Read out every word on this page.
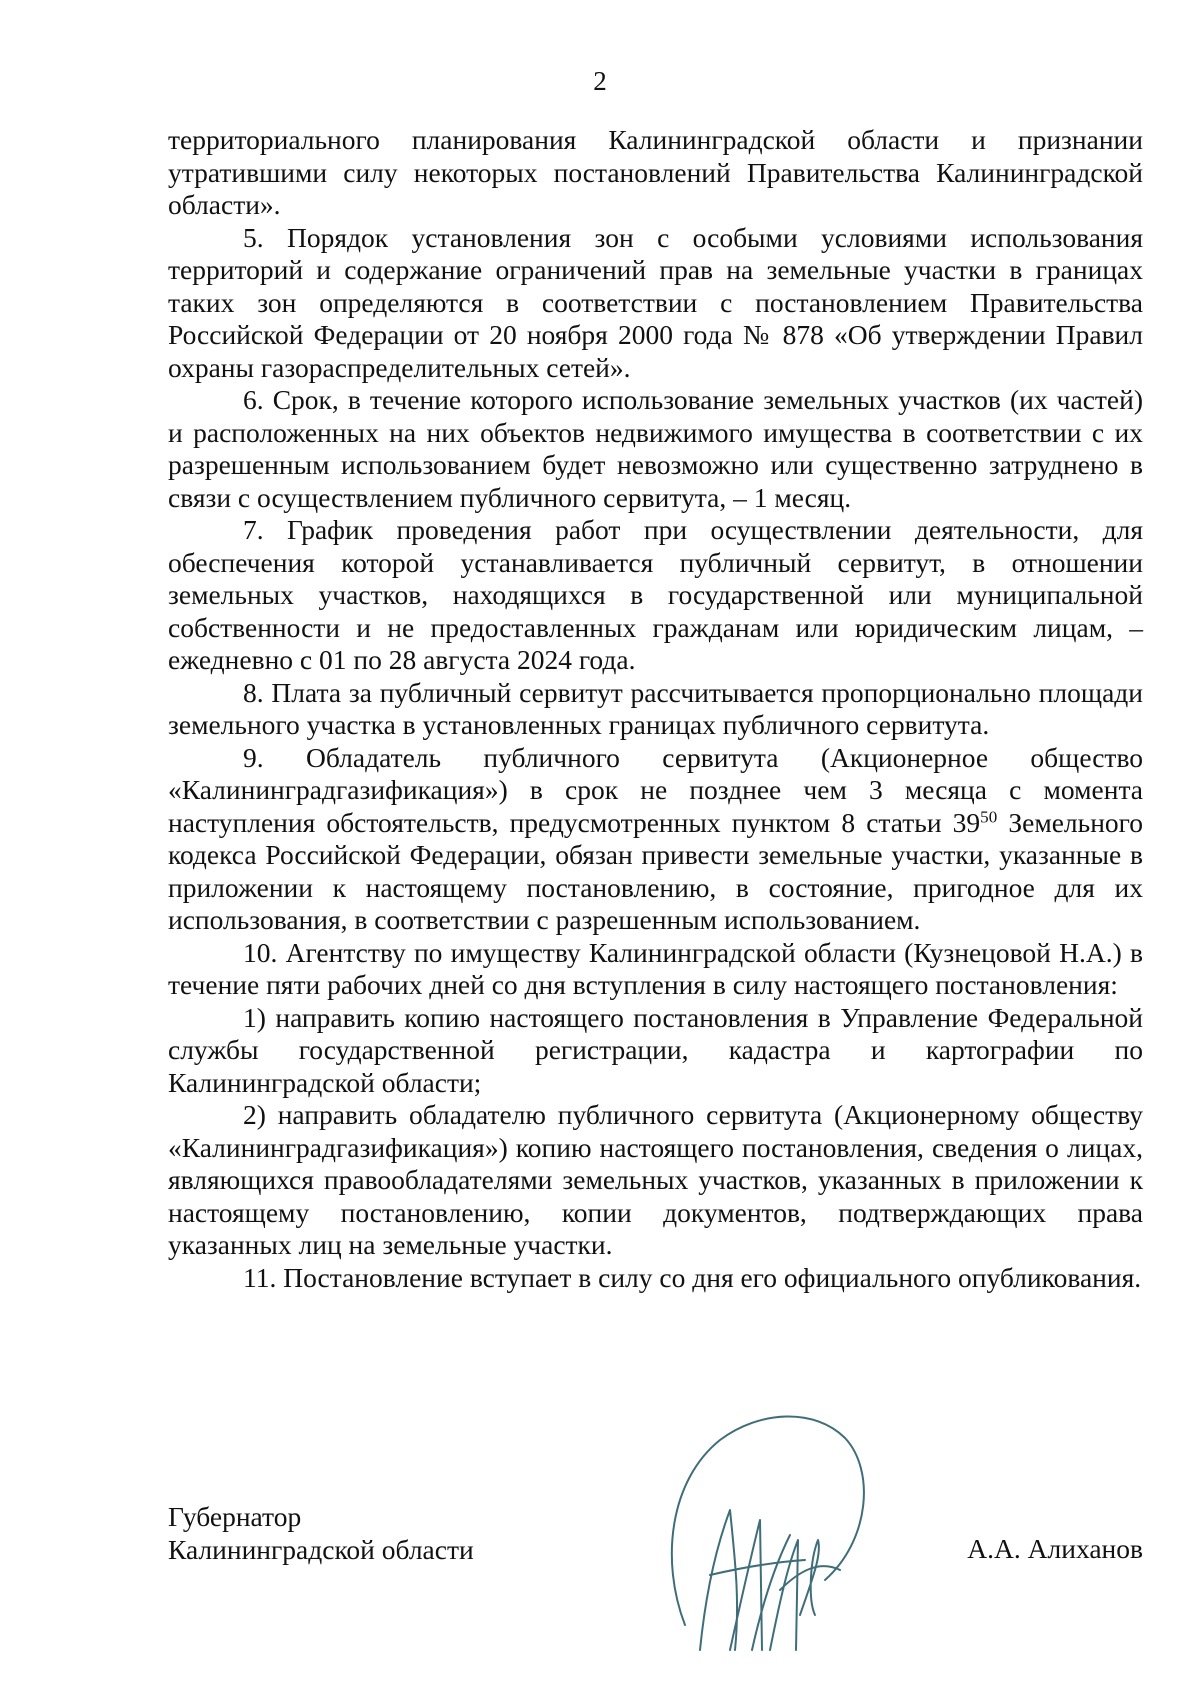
2

территориального планирования Калининградской области и признании утратившими силу некоторых постановлений Правительства Калининградской области».

5. Порядок установления зон с особыми условиями использования территорий и содержание ограничений прав на земельные участки в границах таких зон определяются в соответствии с постановлением Правительства Российской Федерации от 20 ноября 2000 года № 878 «Об утверждении Правил охраны газораспределительных сетей».

6. Срок, в течение которого использование земельных участков (их частей) и расположенных на них объектов недвижимого имущества в соответствии с их разрешенным использованием будет невозможно или существенно затруднено в связи с осуществлением публичного сервитута, – 1 месяц.

7. График проведения работ при осуществлении деятельности, для обеспечения которой устанавливается публичный сервитут, в отношении земельных участков, находящихся в государственной или муниципальной собственности и не предоставленных гражданам или юридическим лицам, – ежедневно с 01 по 28 августа 2024 года.

8. Плата за публичный сервитут рассчитывается пропорционально площади земельного участка в установленных границах публичного сервитута.

9. Обладатель публичного сервитута (Акционерное общество «Калининградгазификация») в срок не позднее чем 3 месяца с момента наступления обстоятельств, предусмотренных пунктом 8 статьи $39^{50}$ Земельного кодекса Российской Федерации, обязан привести земельные участки, указанные в приложении к настоящему постановлению, в состояние, пригодное для их использования, в соответствии с разрешенным использованием.

10. Агентству по имуществу Калининградской области (Кузнецовой Н.А.) в течение пяти рабочих дней со дня вступления в силу настоящего постановления:

1) направить копию настоящего постановления в Управление Федеральной службы государственной регистрации, кадастра и картографии по Калининградской области;

2) направить обладателю публичного сервитута (Акционерному обществу «Калининградгазификация») копию настоящего постановления, сведения о лицах, являющихся правообладателями земельных участков, указанных в приложении к настоящему постановлению, копии документов, подтверждающих права указанных лиц на земельные участки.

11. Постановление вступает в силу со дня его официального опубликования.

Губернатор
Калининградской области	А.А. Алиханов
